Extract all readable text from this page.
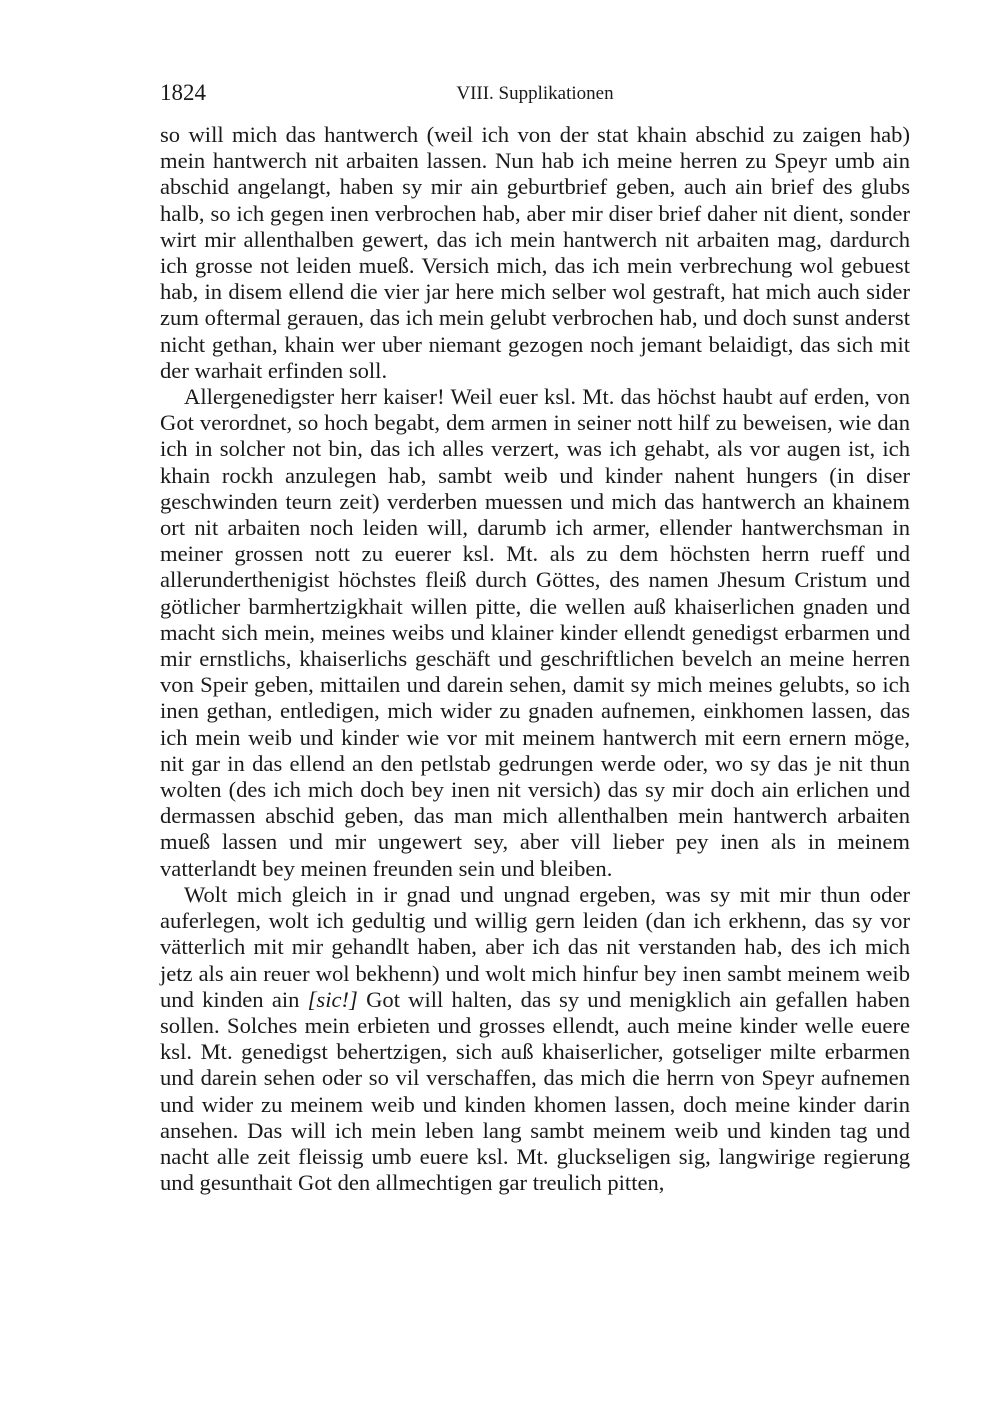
1824	VIII. Supplikationen

so will mich das hantwerch (weil ich von der stat khain abschid zu zaigen hab) mein hantwerch nit arbaiten lassen. Nun hab ich meine herren zu Speyr umb ain abschid angelangt, haben sy mir ain geburtbrief geben, auch ain brief des glubs halb, so ich gegen inen verbrochen hab, aber mir diser brief daher nit dient, sonder wirt mir allenthalben gewert, das ich mein hantwerch nit arbaiten mag, dardurch ich grosse not leiden mueß. Versich mich, das ich mein verbrechung wol gebuest hab, in disem ellend die vier jar here mich selber wol gestraft, hat mich auch sider zum oftermal gerauen, das ich mein gelubt verbrochen hab, und doch sunst anderst nicht gethan, khain wer uber niemant gezogen noch jemant belaidigt, das sich mit der warhait erfinden soll.

Allergenedigster herr kaiser! Weil euer ksl. Mt. das höchst haubt auf erden, von Got verordnet, so hoch begabt, dem armen in seiner nott hilf zu beweisen, wie dan ich in solcher not bin, das ich alles verzert, was ich gehabt, als vor augen ist, ich khain rockh anzulegen hab, sambt weib und kinder nahent hungers (in diser geschwinden teurn zeit) verderben muessen und mich das hantwerch an khainem ort nit arbaiten noch leiden will, darumb ich armer, ellender hantwerchsman in meiner grossen nott zu euerer ksl. Mt. als zu dem höchsten herrn rueff und allerunderthenigist höchstes fleiß durch Göttes, des namen Jhesum Cristum und götlicher barmhertzigkhait willen pitte, die wellen auß khaiserlichen gnaden und macht sich mein, meines weibs und klainer kinder ellendt genedigst erbarmen und mir ernstlichs, khaiserlichs geschäft und geschriftlichen bevelch an meine herren von Speir geben, mittailen und darein sehen, damit sy mich meines gelubts, so ich inen gethan, entledigen, mich wider zu gnaden aufnemen, einkhomen lassen, das ich mein weib und kinder wie vor mit meinem hantwerch mit eern ernern möge, nit gar in das ellend an den petlstab gedrungen werde oder, wo sy das je nit thun wolten (des ich mich doch bey inen nit versich) das sy mir doch ain erlichen und dermassen abschid geben, das man mich allenthalben mein hantwerch arbaiten mueß lassen und mir ungewert sey, aber vill lieber pey inen als in meinem vatterlandt bey meinen freunden sein und bleiben.

Wolt mich gleich in ir gnad und ungnad ergeben, was sy mit mir thun oder auferlegen, wolt ich gedultig und willig gern leiden (dan ich erkhenn, das sy vor vätterlich mit mir gehandlt haben, aber ich das nit verstanden hab, des ich mich jetz als ain reuer wol bekhenn) und wolt mich hinfur bey inen sambt meinem weib und kinden ain [sic!] Got will halten, das sy und menigklich ain gefallen haben sollen. Solches mein erbieten und grosses ellendt, auch meine kinder welle euere ksl. Mt. genedigst behertzigen, sich auß khaiserlicher, gotseliger milte erbarmen und darein sehen oder so vil verschaffen, das mich die herrn von Speyr aufnemen und wider zu meinem weib und kinden khomen lassen, doch meine kinder darin ansehen. Das will ich mein leben lang sambt meinem weib und kinden tag und nacht alle zeit fleissig umb euere ksl. Mt. gluckseligen sig, langwirige regierung und gesunthait Got den allmechtigen gar treulich pitten,
